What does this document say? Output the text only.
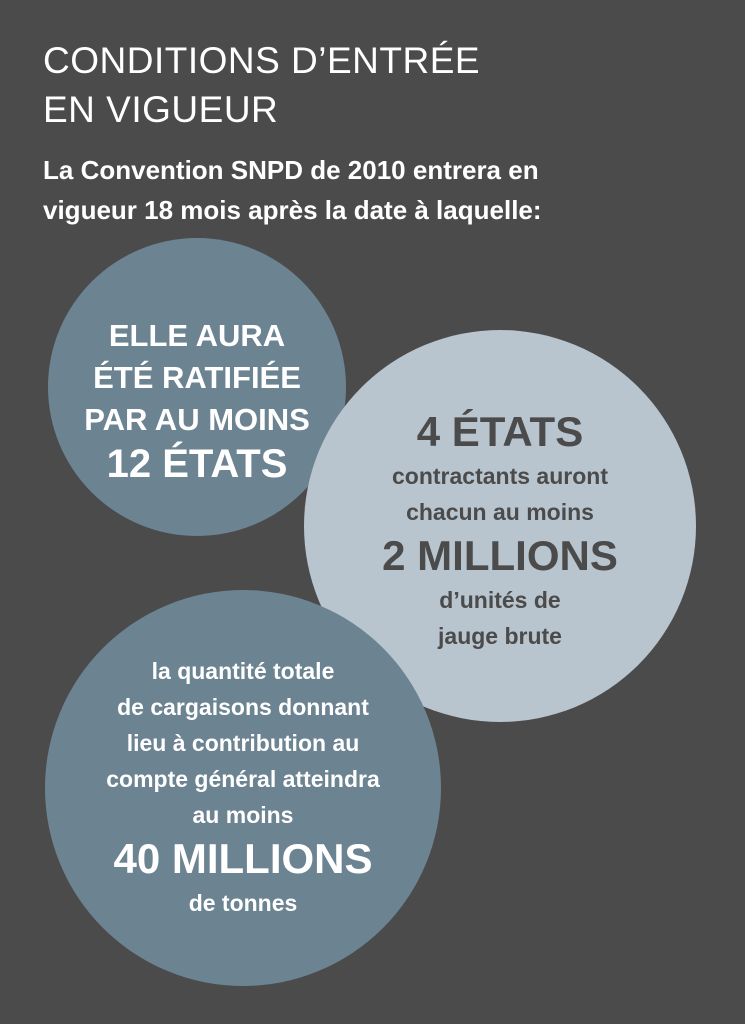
CONDITIONS D’ENTRÉE
EN VIGUEUR

La Convention SNPD de 2010 entrera en
vigueur 18 mois après la date à laquelle:

ELLE AURA
ÉTÉ RATIFIÉE
PAR AU MOINS
12 ÉTATS
4 ÉTATS
contractants auront
chacun au moins
2 MILLIONS
d’unités de
jauge brute
la quantité totale
de cargaisons donnant
lieu à contribution au
compte général atteindra
au moins
40 MILLIONS
de tonnes
